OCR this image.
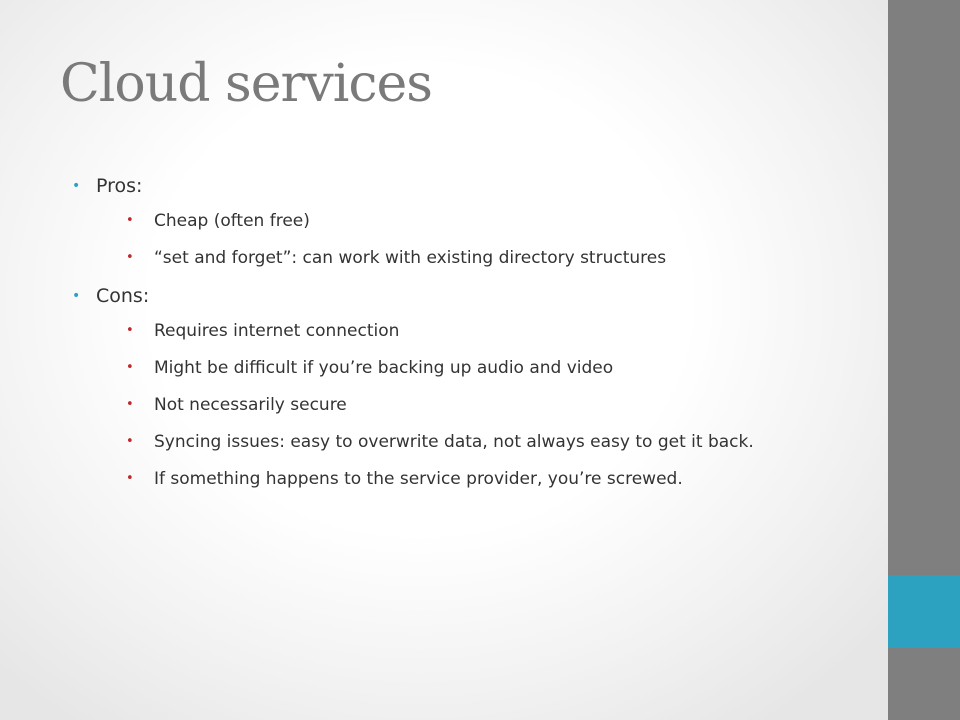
Cloud services
• Pros:
• Cheap (often free)
• “set and forget”: can work with existing directory structures
• Cons:
• Requires internet connection
• Might be difficult if you’re backing up audio and video
• Not necessarily secure
• Syncing issues: easy to overwrite data, not always easy to get it back.
• If something happens to the service provider, you’re screwed.
